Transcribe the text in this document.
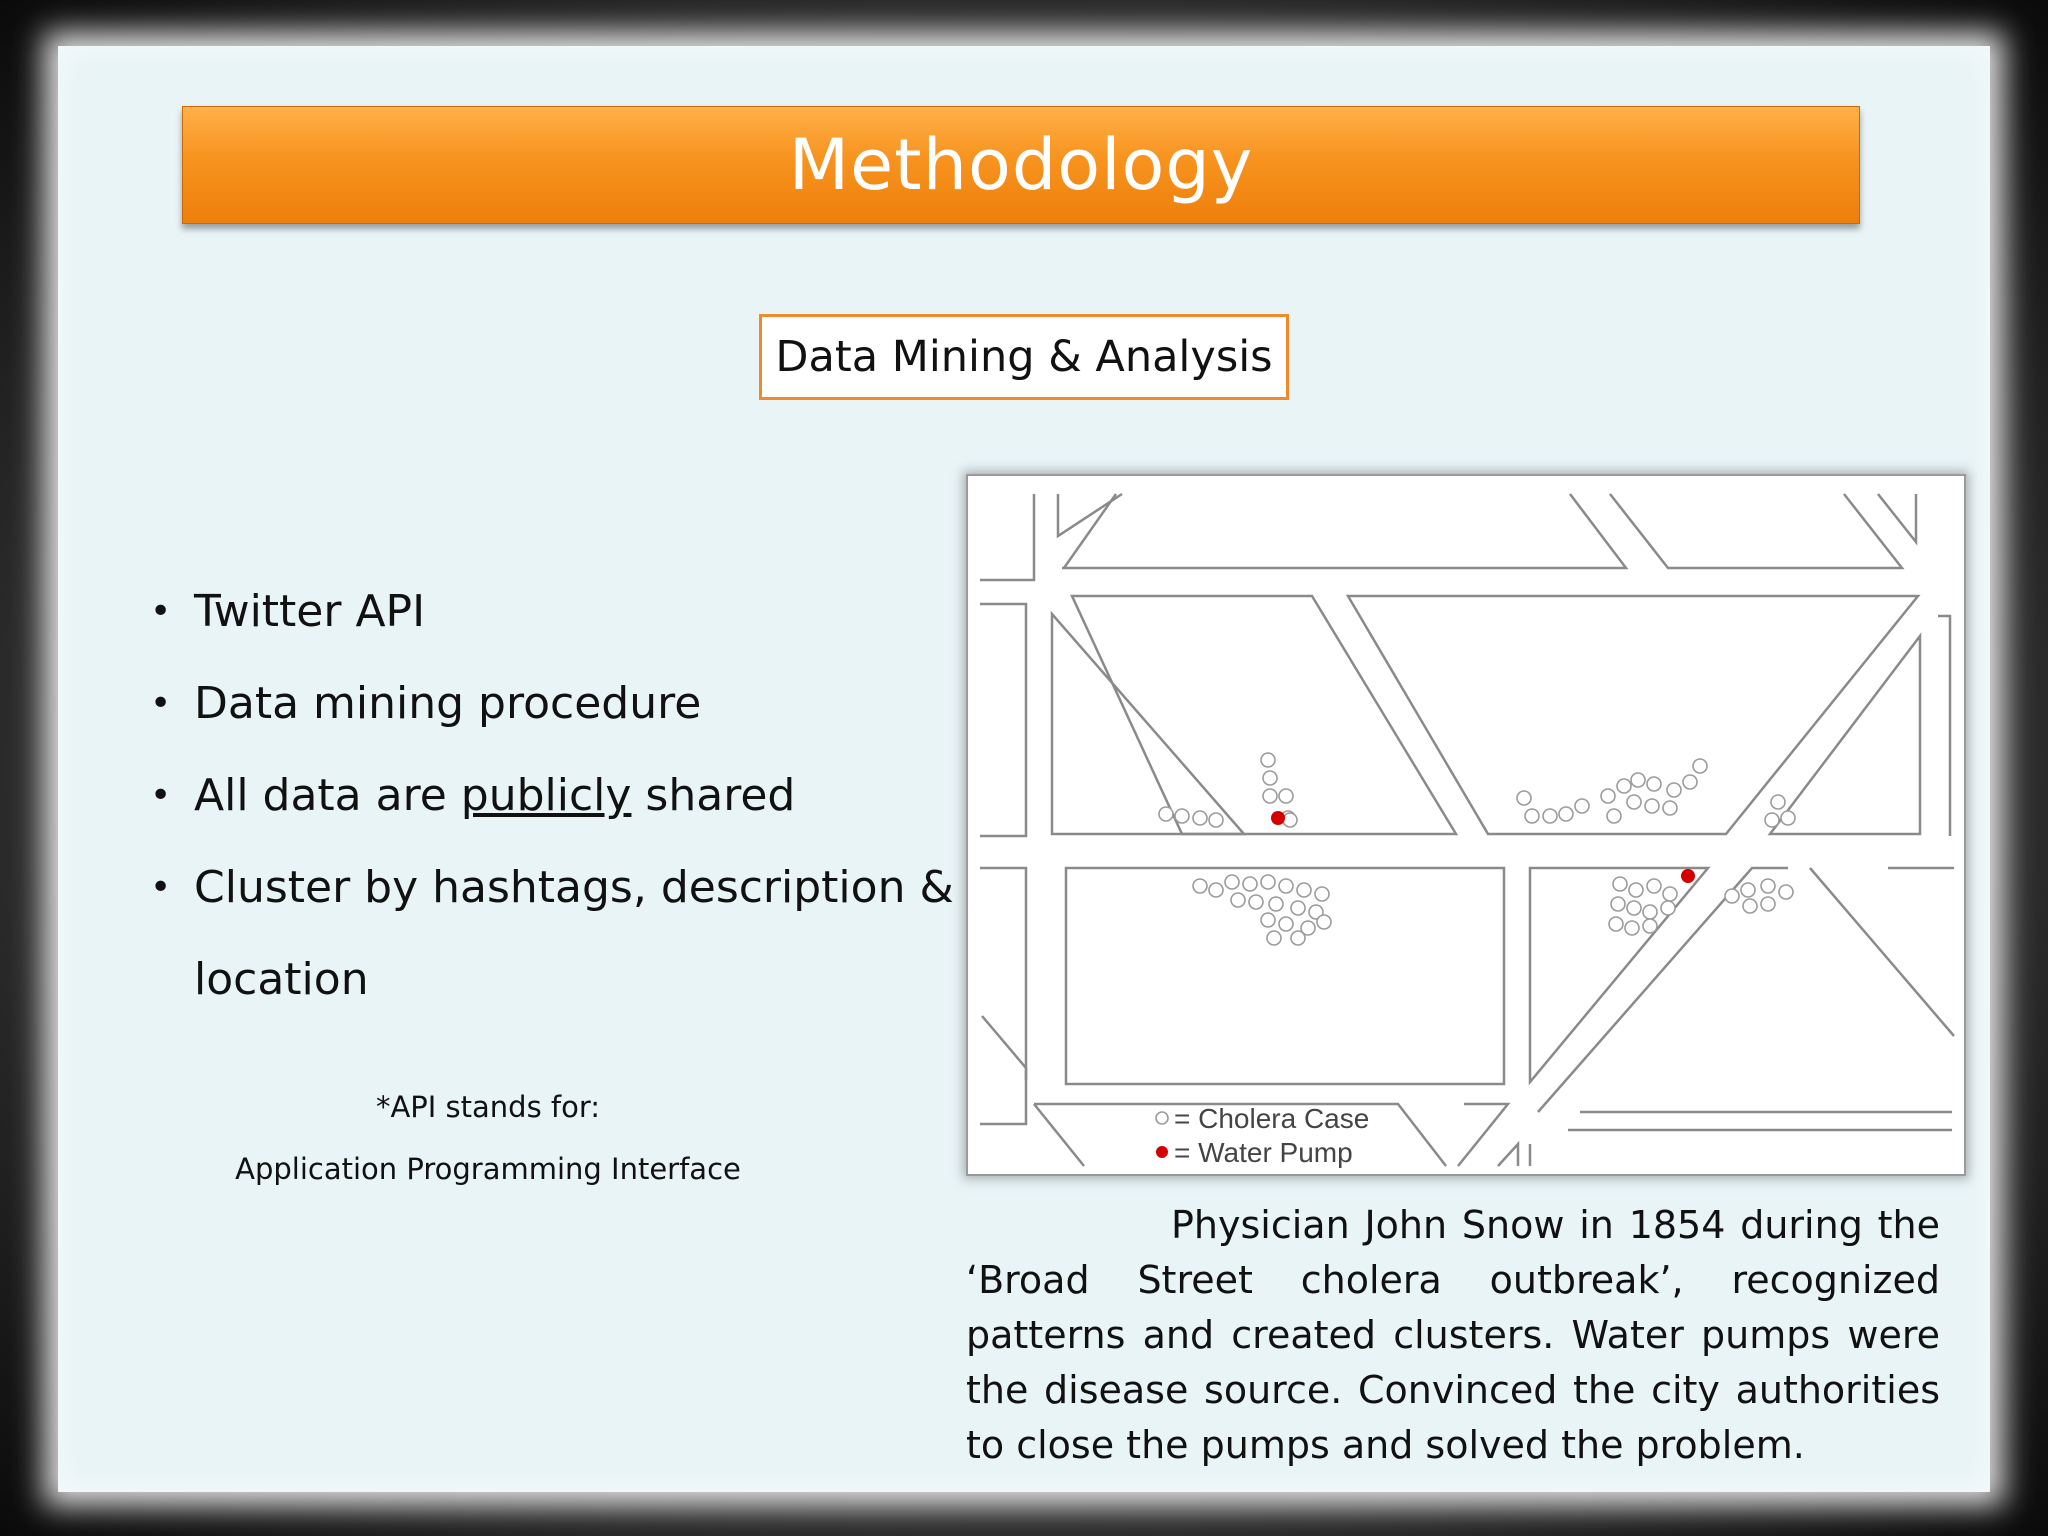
Methodology
Data Mining & Analysis
• Twitter API
• Data mining procedure
• All data are publicly shared
• Cluster by hashtags, description &
location
*API stands for:
Application Programming Interface
= Cholera Case
= Water Pump
Physician John Snow in 1854 during the ‘Broad Street cholera outbreak’, recognized patterns and created clusters. Water pumps were the disease source. Convinced the city authorities to close the pumps and solved the problem.
